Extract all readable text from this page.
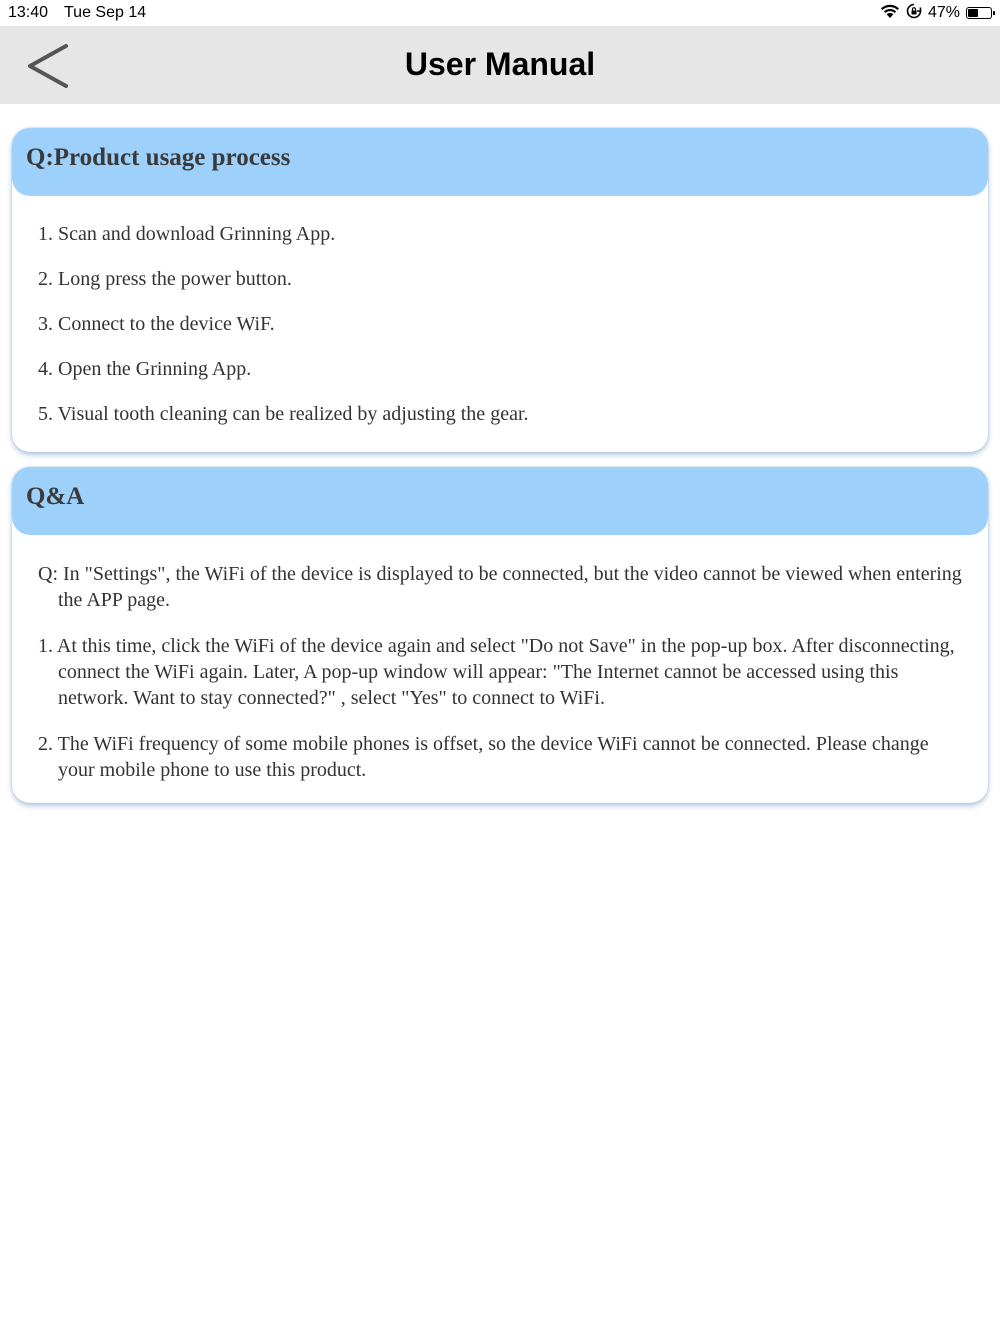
13:40 Tue Sep 14	47%
User Manual
Q:Product usage process
1. Scan and download Grinning App.
2. Long press the power button.
3. Connect to the device WiF.
4. Open the Grinning App.
5. Visual tooth cleaning can be realized by adjusting the gear.
Q&A
Q: In "Settings", the WiFi of the device is displayed to be connected, but the video cannot be viewed when entering the APP page.
1. At this time, click the WiFi of the device again and select "Do not Save" in the pop-up box. After disconnecting, connect the WiFi again. Later, A pop-up window will appear: "The Internet cannot be accessed using this network. Want to stay connected?" , select "Yes" to connect to WiFi.
2. The WiFi frequency of some mobile phones is offset, so the device WiFi cannot be connected. Please change your mobile phone to use this product.
